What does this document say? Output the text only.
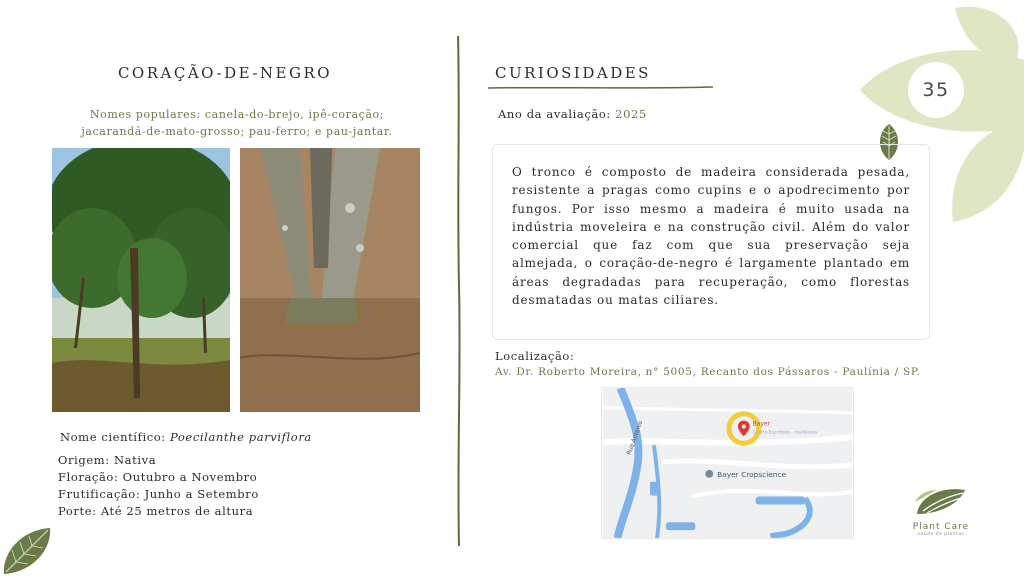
35
CORAÇÃO-DE-NEGRO
Nomes populares: canela-do-brejo, ipê-coração;
jacarandá-de-mato-grosso; pau-ferro; e pau-jantar.
Nome científico: Poecilanthe parviflora
Origem: Nativa
Floração: Outubro a Novembro
Frutificação: Junho a Setembro
Porte: Até 25 metros de altura
CURIOSIDADES
Ano da avaliação: 2025

O tronco é composto de madeira considerada pesada, resistente a pragas como cupins e o apodrecimento por fungos. Por isso mesmo a madeira é muito usada na indústria moveleira e na construção civil. Além do valor comercial que faz com que sua preservação seja almejada, o coração-de-negro é largamente plantado em áreas degradadas para recuperação, como florestas desmatadas ou matas ciliares.

Localização:
Av. Dr. Roberto Moreira, n° 5005, Recanto dos Pássaros - Paulínia / SP.
Rua Antonio
Bayer Cropscience
Bayer
Centro Escritório - residência
Plant Care
saúde de plantas
